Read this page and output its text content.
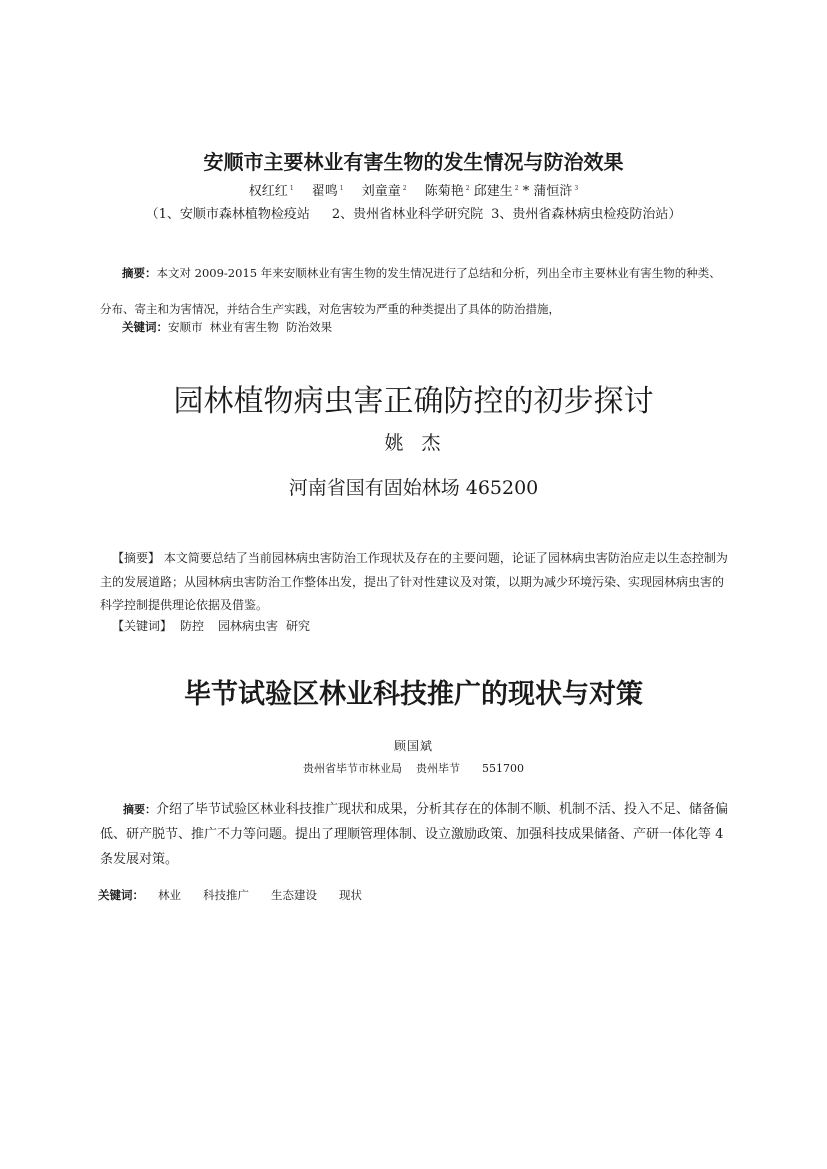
安顺市主要林业有害生物的发生情况与防治效果
权红红 $^1$ 翟鸣 $^1$ 刘童童 $^2$ 陈菊艳 $^2$ 邱建生 $^2$ * 蒲恒浒 $^3$
（1、安顺市森林植物检疫站 2、贵州省林业科学研究院 3、贵州省森林病虫检疫防治站）
摘要：本文对 2009-2015 年来安顺林业有害生物的发生情况进行了总结和分析，列出全市主要林业有害生物的种类、分布、寄主和为害情况，并结合生产实践，对危害较为严重的种类提出了具体的防治措施，
关键词：安顺市  林业有害生物  防治效果
园林植物病虫害正确防控的初步探讨
姚  杰
河南省国有固始林场 465200
【摘要】 本文简要总结了当前园林病虫害防治工作现状及存在的主要问题，论证了园林病虫害防治应走以生态控制为主的发展道路；从园林病虫害防治工作整体出发，提出了针对性建议及对策，以期为减少环境污染、实现园林病虫害的科学控制提供理论依据及借鉴。
【关键词】 防控 园林病虫害 研究
毕节试验区林业科技推广的现状与对策
顾国斌
贵州省毕节市林业局 贵州毕节 551700
摘要：介绍了毕节试验区林业科技推广现状和成果，分析其存在的体制不顺、机制不活、投入不足、储备偏低、研产脱节、推广不力等问题。提出了理顺管理体制、设立激励政策、加强科技成果储备、产研一体化等 4 条发展对策。
关键词： 林业 科技推广 生态建设 现状
